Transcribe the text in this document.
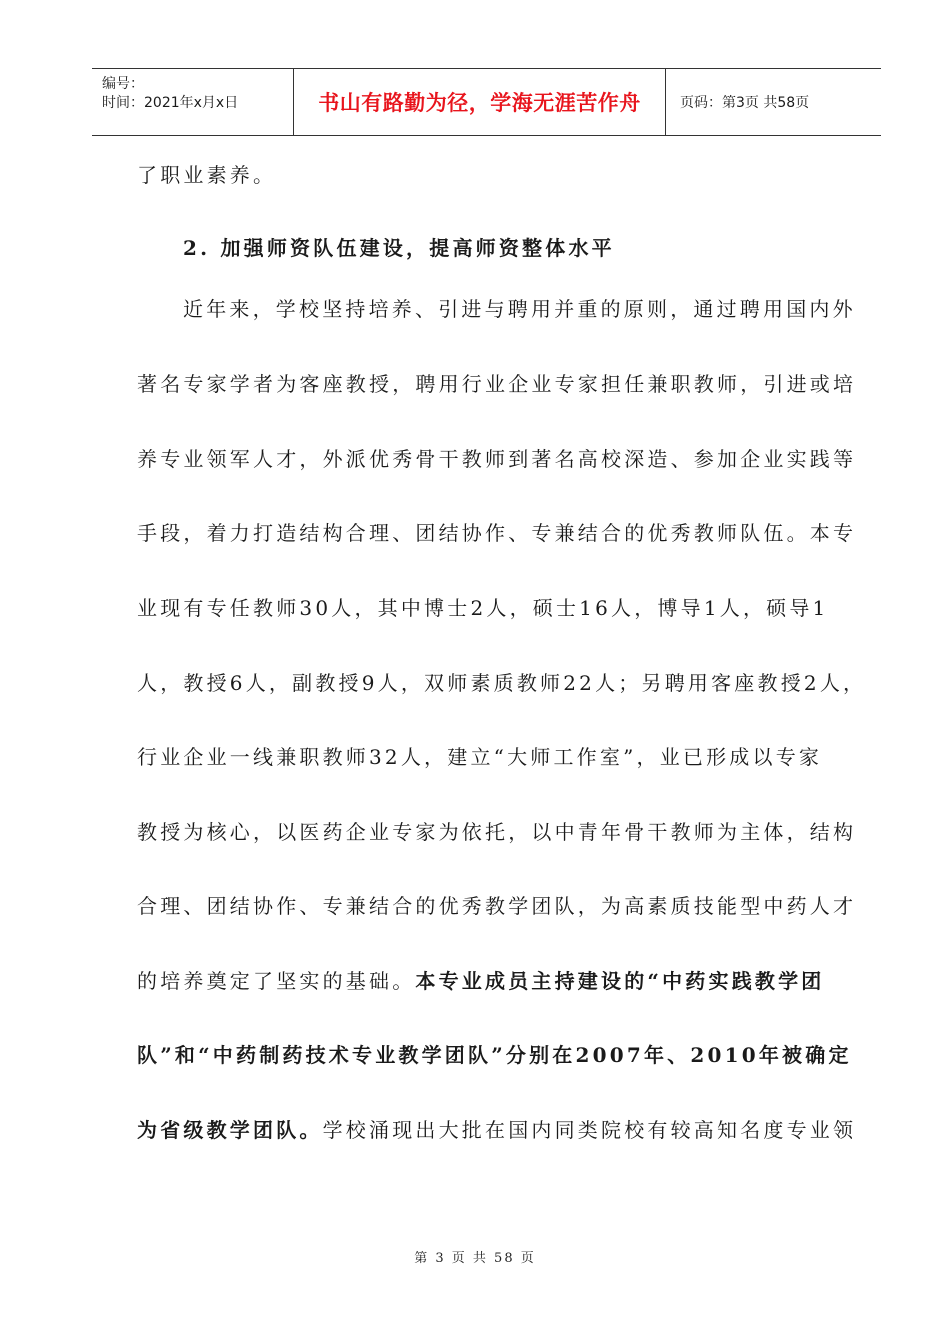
编号：
时间：2021年x月x日	书山有路勤为径，学海无涯苦作舟	页码：第3页 共58页
了职业素养。
2. 加强师资队伍建设，提高师资整体水平
近年来，学校坚持培养、引进与聘用并重的原则，通过聘用国内外
著名专家学者为客座教授，聘用行业企业专家担任兼职教师，引进或培
养专业领军人才，外派优秀骨干教师到著名高校深造、参加企业实践等
手段，着力打造结构合理、团结协作、专兼结合的优秀教师队伍。本专
业现有专任教师30人，其中博士2人，硕士16人，博导1人，硕导1
人，教授6人，副教授9人，双师素质教师22人；另聘用客座教授2人，
行业企业一线兼职教师32人，建立“大师工作室”，业已形成以专家
教授为核心，以医药企业专家为依托，以中青年骨干教师为主体，结构
合理、团结协作、专兼结合的优秀教学团队，为高素质技能型中药人才
的培养奠定了坚实的基础。本专业成员主持建设的“中药实践教学团
队”和“中药制药技术专业教学团队”分别在2007年、2010年被确定
为省级教学团队。学校涌现出大批在国内同类院校有较高知名度专业领
第 3 页 共 58 页
